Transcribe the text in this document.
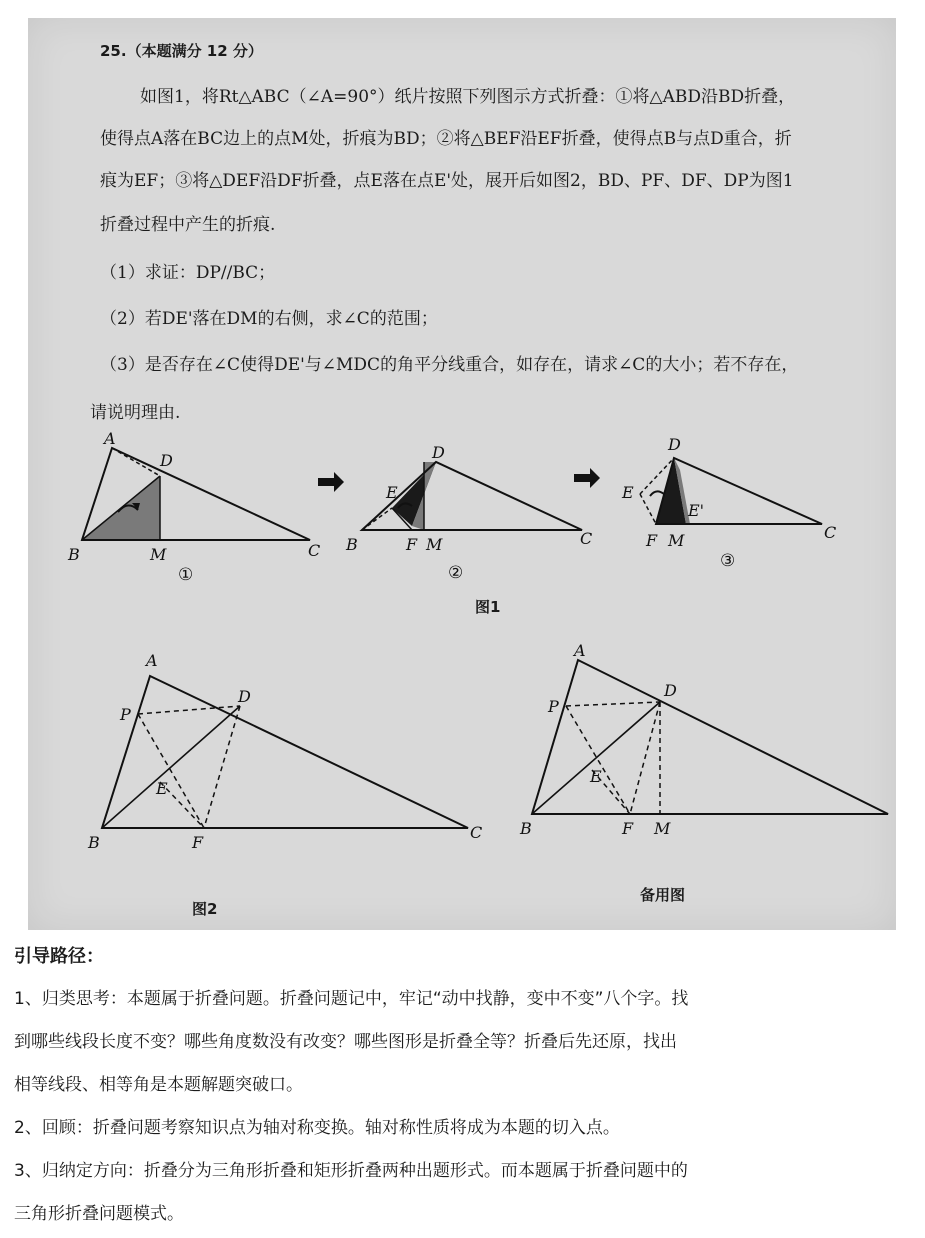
25.（本题满分 12 分）
如图1，将Rt△ABC（∠A=90°）纸片按照下列图示方式折叠：①将△ABD沿BD折叠，
使得点A落在BC边上的点M处，折痕为BD；②将△BEF沿EF折叠，使得点B与点D重合，折
痕为EF；③将△DEF沿DF折叠，点E落在点E'处，展开后如图2，BD、PF、DF、DP为图1
折叠过程中产生的折痕.
（1）求证：DP//BC；
（2）若DE'落在DM的右侧，求∠C的范围；
（3）是否存在∠C使得DE'与∠MDC的角平分线重合，如存在，请求∠C的大小；若不存在，
请说明理由.
A
D
B	M	C
①
E
D
B	F M	C
②
D
E
E'
F M	C
③
A
P
D
E
B	F
C
A
P
D
E
B	F M
图1
图2
备用图
引导路径：
1、归类思考：本题属于折叠问题。折叠问题记中，牢记“动中找静，变中不变”八个字。找
到哪些线段长度不变？哪些角度数没有改变？哪些图形是折叠全等？折叠后先还原，找出
相等线段、相等角是本题解题突破口。
2、回顾：折叠问题考察知识点为轴对称变换。轴对称性质将成为本题的切入点。
3、归纳定方向：折叠分为三角形折叠和矩形折叠两种出题形式。而本题属于折叠问题中的
三角形折叠问题模式。
